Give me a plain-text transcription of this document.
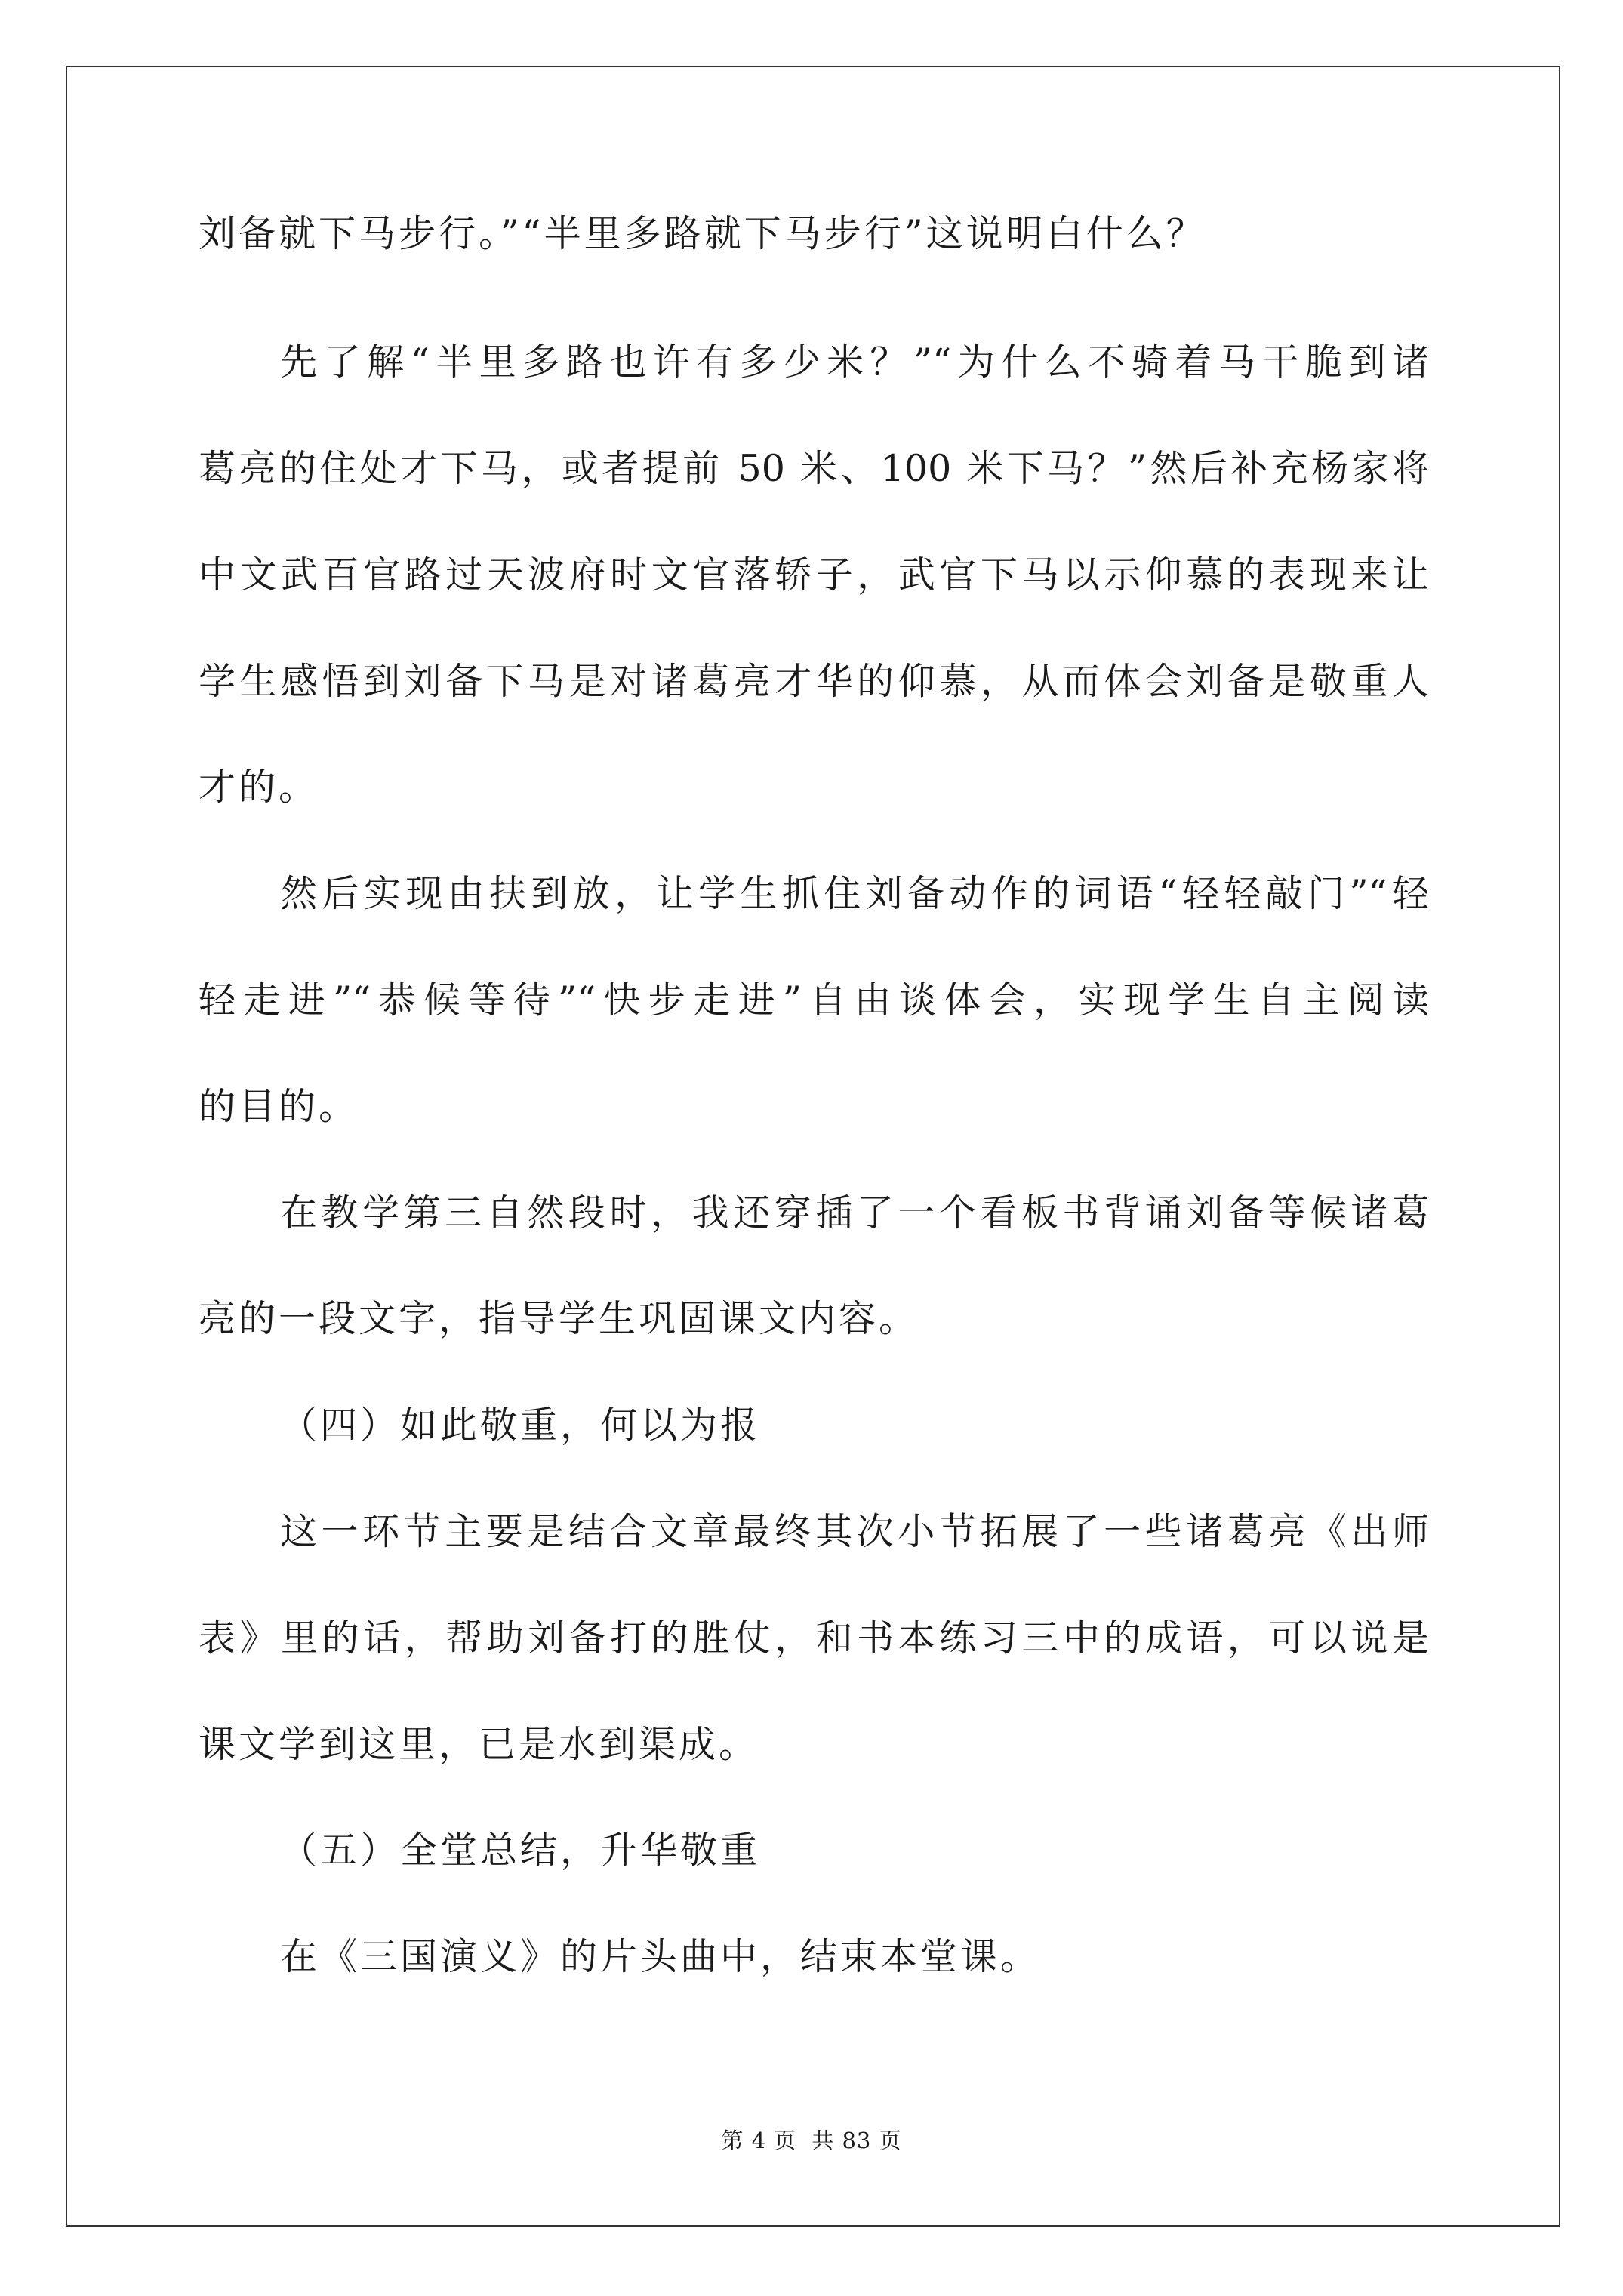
刘备就下马步行。”“半里多路就下马步行”这说明白什么？
先了解“半里多路也许有多少米？”“为什么不骑着马干脆到诸
葛亮的住处才下马，或者提前 50 米、100 米下马？”然后补充杨家将
中文武百官路过天波府时文官落轿子，武官下马以示仰慕的表现来让
学生感悟到刘备下马是对诸葛亮才华的仰慕，从而体会刘备是敬重人
才的。
然后实现由扶到放，让学生抓住刘备动作的词语“轻轻敲门”“轻
轻走进”“恭候等待”“快步走进”自由谈体会，实现学生自主阅读
的目的。
在教学第三自然段时，我还穿插了一个看板书背诵刘备等候诸葛
亮的一段文字，指导学生巩固课文内容。
（四）如此敬重，何以为报
这一环节主要是结合文章最终其次小节拓展了一些诸葛亮《出师
表》里的话，帮助刘备打的胜仗，和书本练习三中的成语，可以说是
课文学到这里，已是水到渠成。
（五）全堂总结，升华敬重
在《三国演义》的片头曲中，结束本堂课。
第 4 页 共 83 页
